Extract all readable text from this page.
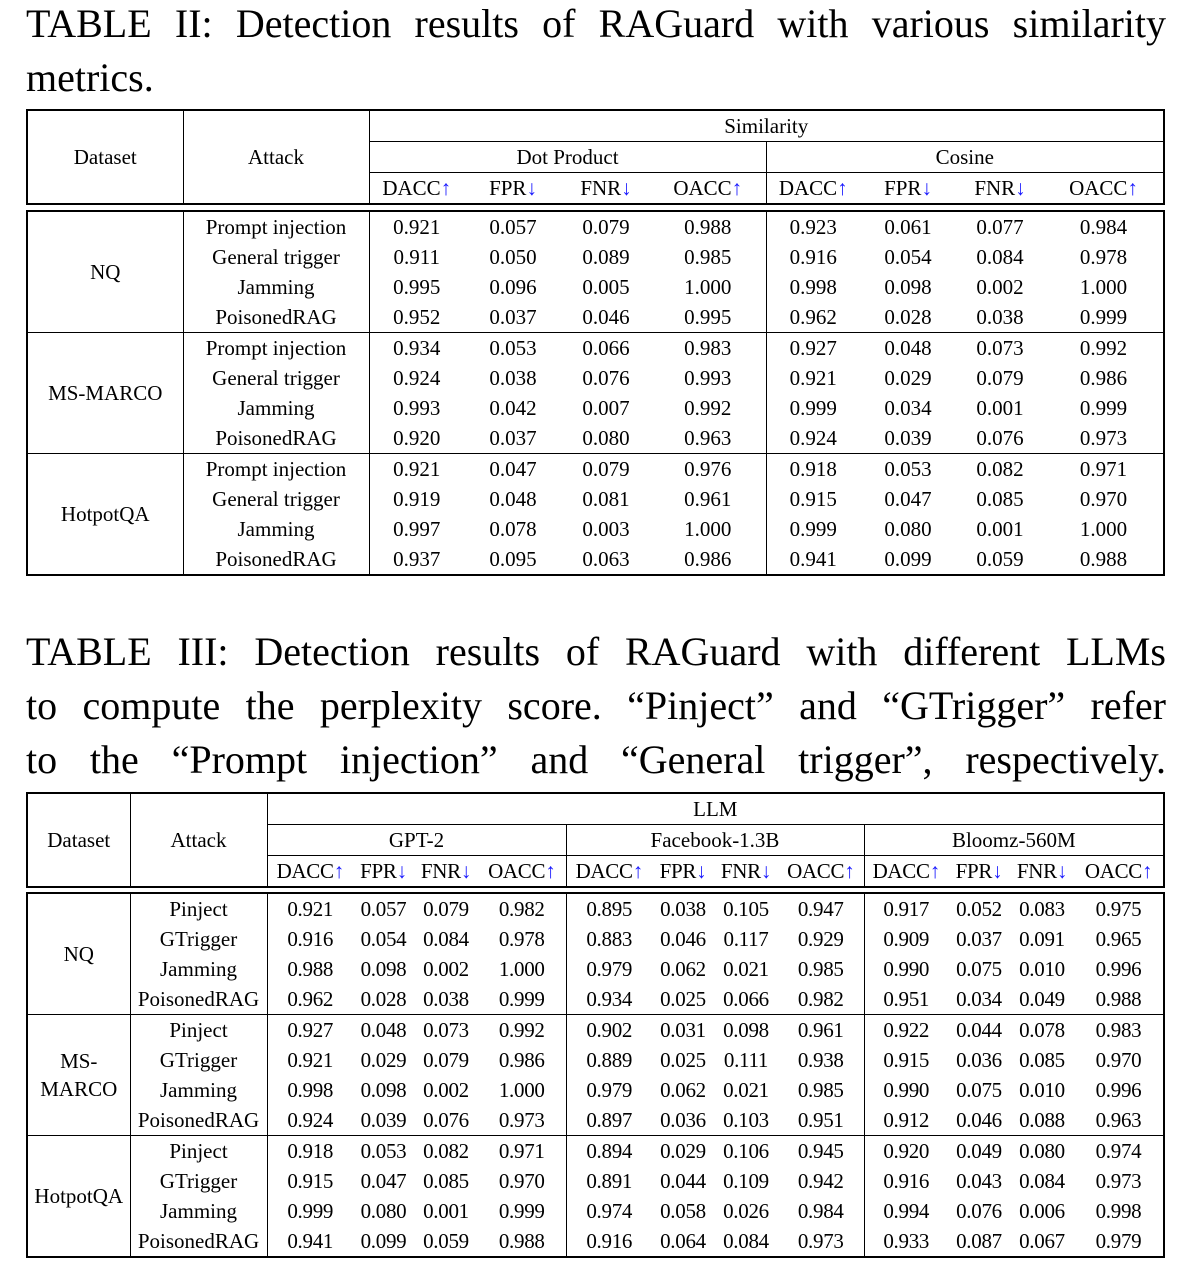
TABLE II: Detection results of RAGuard with various similarity metrics.
Dataset	Attack	Similarity							
		Dot Product				Cosine			
		DACC↑	FPR↓	FNR↓	OACC↑	DACC↑	FPR↓	FNR↓	OACC↑
NQ	Prompt injection	0.921	0.057	0.079	0.988	0.923	0.061	0.077	0.984
	General trigger	0.911	0.050	0.089	0.985	0.916	0.054	0.084	0.978
	Jamming	0.995	0.096	0.005	1.000	0.998	0.098	0.002	1.000
	PoisonedRAG	0.952	0.037	0.046	0.995	0.962	0.028	0.038	0.999
MS-MARCO	Prompt injection	0.934	0.053	0.066	0.983	0.927	0.048	0.073	0.992
	General trigger	0.924	0.038	0.076	0.993	0.921	0.029	0.079	0.986
	Jamming	0.993	0.042	0.007	0.992	0.999	0.034	0.001	0.999
	PoisonedRAG	0.920	0.037	0.080	0.963	0.924	0.039	0.076	0.973
HotpotQA	Prompt injection	0.921	0.047	0.079	0.976	0.918	0.053	0.082	0.971
	General trigger	0.919	0.048	0.081	0.961	0.915	0.047	0.085	0.970
	Jamming	0.997	0.078	0.003	1.000	0.999	0.080	0.001	1.000
	PoisonedRAG	0.937	0.095	0.063	0.986	0.941	0.099	0.059	0.988
TABLE III: Detection results of RAGuard with different LLMs
to compute the perplexity score. “Pinject” and “GTrigger” refer
to the “Prompt injection” and “General trigger”, respectively.
Dataset	Attack	LLM											
		GPT-2				Facebook-1.3B				Bloomz-560M			
		DACC↑	FPR↓	FNR↓	OACC↑	DACC↑	FPR↓	FNR↓	OACC↑	DACC↑	FPR↓	FNR↓	OACC↑
NQ	Pinject	0.921	0.057	0.079	0.982	0.895	0.038	0.105	0.947	0.917	0.052	0.083	0.975
	GTrigger	0.916	0.054	0.084	0.978	0.883	0.046	0.117	0.929	0.909	0.037	0.091	0.965
	Jamming	0.988	0.098	0.002	1.000	0.979	0.062	0.021	0.985	0.990	0.075	0.010	0.996
	PoisonedRAG	0.962	0.028	0.038	0.999	0.934	0.025	0.066	0.982	0.951	0.034	0.049	0.988
MS-MARCO	Pinject	0.927	0.048	0.073	0.992	0.902	0.031	0.098	0.961	0.922	0.044	0.078	0.983
	GTrigger	0.921	0.029	0.079	0.986	0.889	0.025	0.111	0.938	0.915	0.036	0.085	0.970
	Jamming	0.998	0.098	0.002	1.000	0.979	0.062	0.021	0.985	0.990	0.075	0.010	0.996
	PoisonedRAG	0.924	0.039	0.076	0.973	0.897	0.036	0.103	0.951	0.912	0.046	0.088	0.963
HotpotQA	Pinject	0.918	0.053	0.082	0.971	0.894	0.029	0.106	0.945	0.920	0.049	0.080	0.974
	GTrigger	0.915	0.047	0.085	0.970	0.891	0.044	0.109	0.942	0.916	0.043	0.084	0.973
	Jamming	0.999	0.080	0.001	0.999	0.974	0.058	0.026	0.984	0.994	0.076	0.006	0.998
	PoisonedRAG	0.941	0.099	0.059	0.988	0.916	0.064	0.084	0.973	0.933	0.087	0.067	0.979
